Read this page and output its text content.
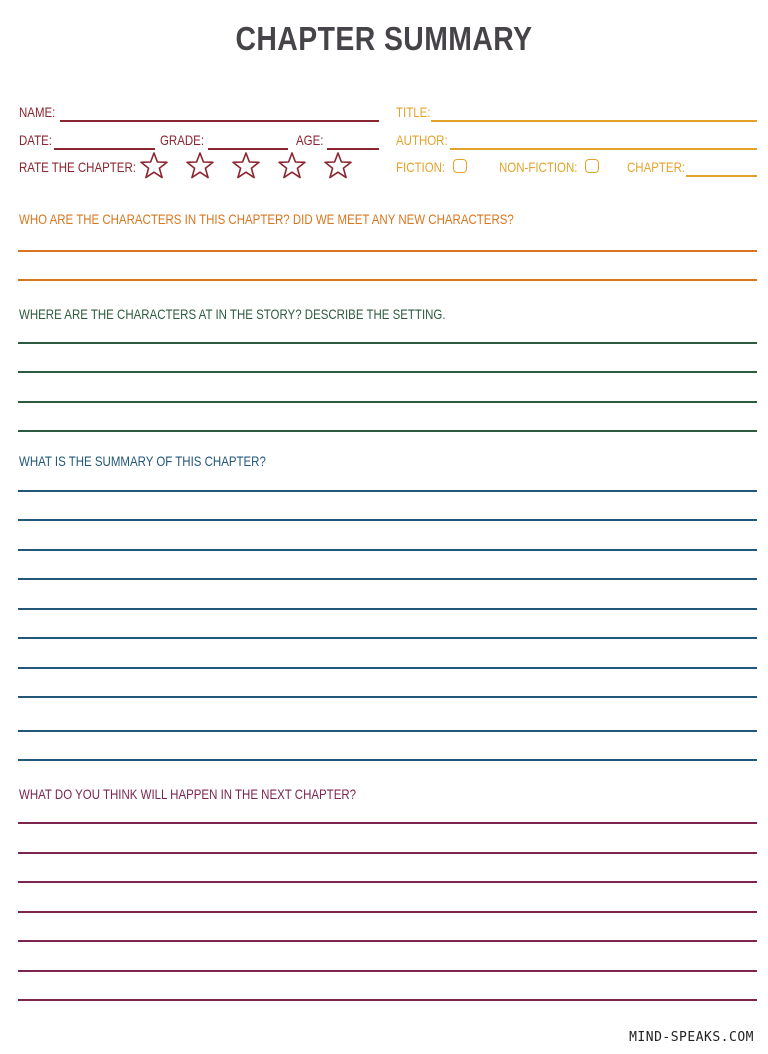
CHAPTER SUMMARY
NAME:
DATE:	GRADE:	AGE:
RATE THE CHAPTER:
TITLE:
AUTHOR:
FICTION:	NON-FICTION:	CHAPTER:
WHO ARE THE CHARACTERS IN THIS CHAPTER? DID WE MEET ANY NEW CHARACTERS?
WHERE ARE THE CHARACTERS AT IN THE STORY? DESCRIBE THE SETTING.
WHAT IS THE SUMMARY OF THIS CHAPTER?
WHAT DO YOU THINK WILL HAPPEN IN THE NEXT CHAPTER?
MIND-SPEAKS.COM
